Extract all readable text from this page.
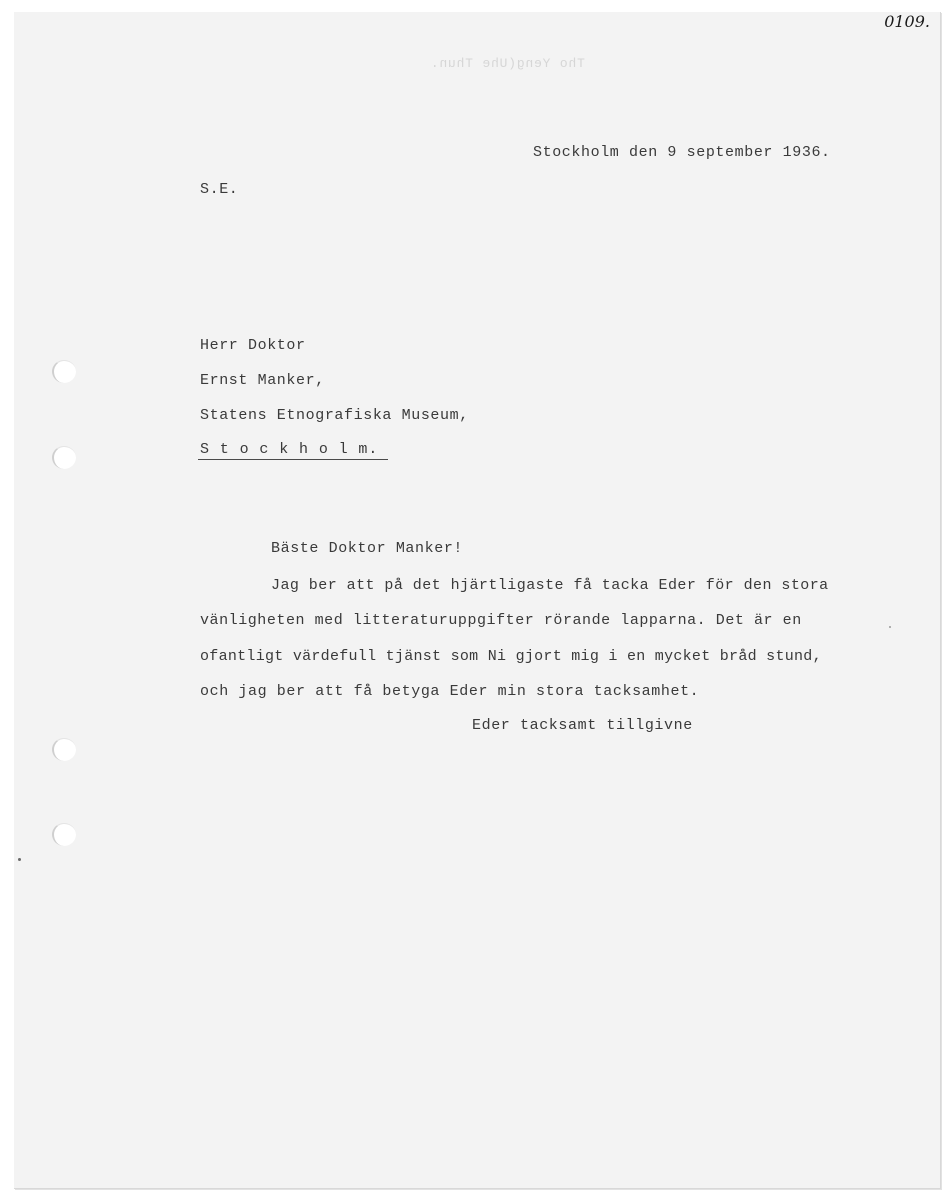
0109.
Tho Yeng(Uhe Thun.
Stockholm den 9 september 1936.
S.E.
Herr Doktor
Ernst Manker,
Statens Etnografiska Museum,
S t o c k h o l m.
Bäste Doktor Manker!
Jag ber att på det hjärtligaste få tacka Eder för den stora
vänligheten med litteraturuppgifter rörande lapparna. Det är en
ofantligt värdefull tjänst som Ni gjort mig i en mycket bråd stund,
och jag ber att få betyga Eder min stora tacksamhet.
Eder tacksamt tillgivne
